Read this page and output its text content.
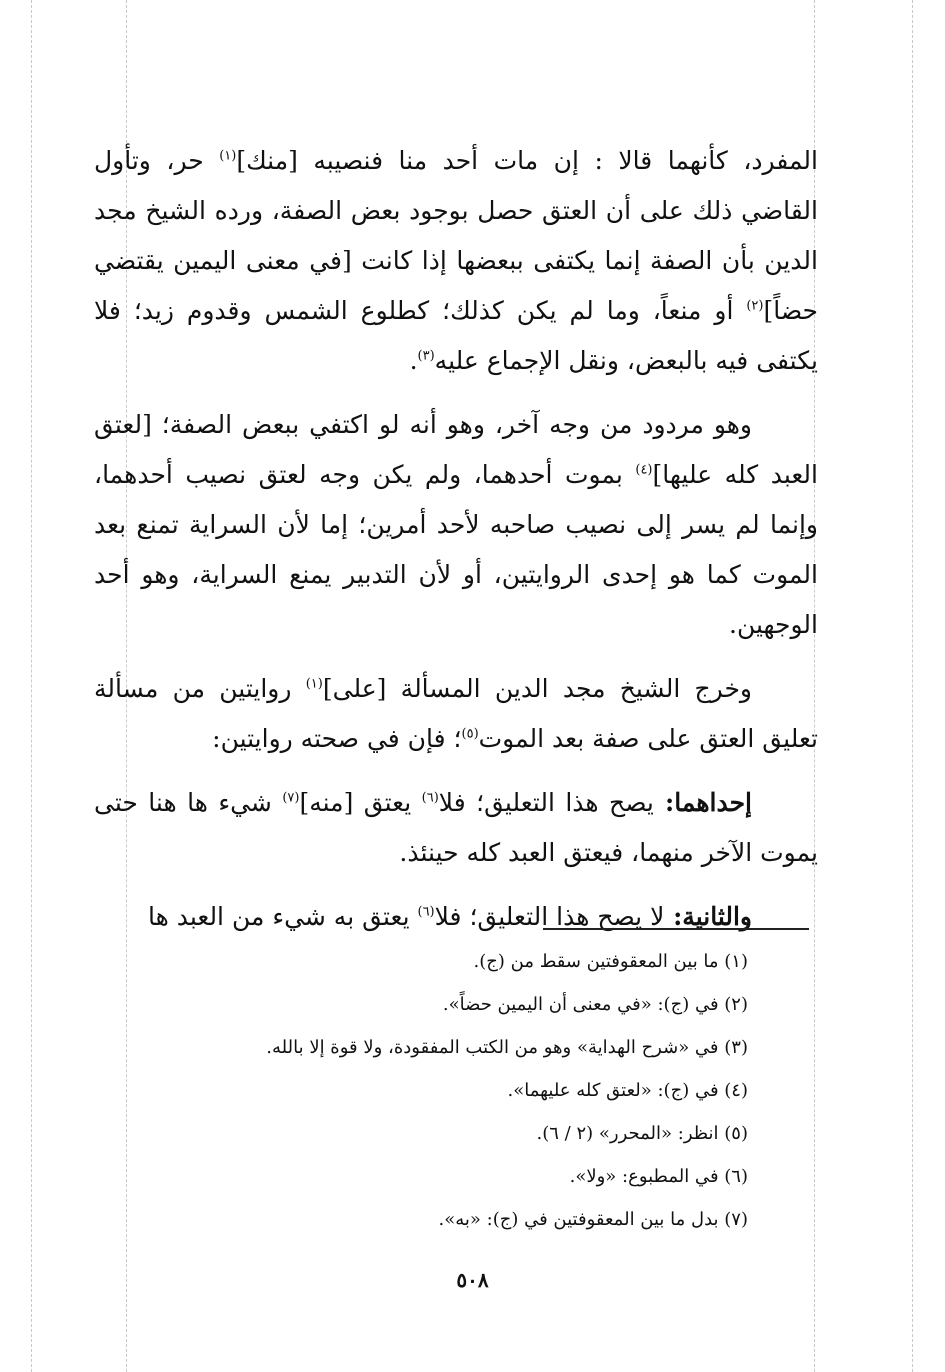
المفرد، كأنهما قالا : إن مات أحد منا فنصيبه [منك]$^{(١)}$ حر، وتأول القاضي ذلك على أن العتق حصل بوجود بعض الصفة، ورده الشيخ مجد الدين بأن الصفة إنما يكتفى ببعضها إذا كانت [في معنى اليمين يقتضي حضاً]$^{(٢)}$ أو منعاً، وما لم يكن كذلك؛ كطلوع الشمس وقدوم زيد؛ فلا يكتفى فيه بالبعض، ونقل الإجماع عليه$^{(٣)}$.

وهو مردود من وجه آخر، وهو أنه لو اكتفي ببعض الصفة؛ [لعتق العبد كله عليها]$^{(٤)}$ بموت أحدهما، ولم يكن وجه لعتق نصيب أحدهما، وإنما لم يسر إلى نصيب صاحبه لأحد أمرين؛ إما لأن السراية تمنع بعد الموت كما هو إحدى الروايتين، أو لأن التدبير يمنع السراية، وهو أحد الوجهين.

وخرج الشيخ مجد الدين المسألة [على]$^{(١)}$ روايتين من مسألة تعليق العتق على صفة بعد الموت$^{(٥)}$؛ فإن في صحته روايتين:

إحداهما: يصح هذا التعليق؛ فلا$^{(٦)}$ يعتق [منه]$^{(٧)}$ شيء ها هنا حتى يموت الآخر منهما، فيعتق العبد كله حينئذ.

والثانية: لا يصح هذا التعليق؛ فلا$^{(٦)}$ يعتق به شيء من العبد ها

(١) ما بين المعقوفتين سقط من (ج).
(٢) في (ج): «في معنى أن اليمين حضاً».
(٣) في «شرح الهداية» وهو من الكتب المفقودة، ولا قوة إلا بالله.
(٤) في (ج): «لعتق كله عليهما».
(٥) انظر: «المحرر» (٢ / ٦).
(٦) في المطبوع: «ولا».
(٧) بدل ما بين المعقوفتين في (ج): «به».
٥٠٨
